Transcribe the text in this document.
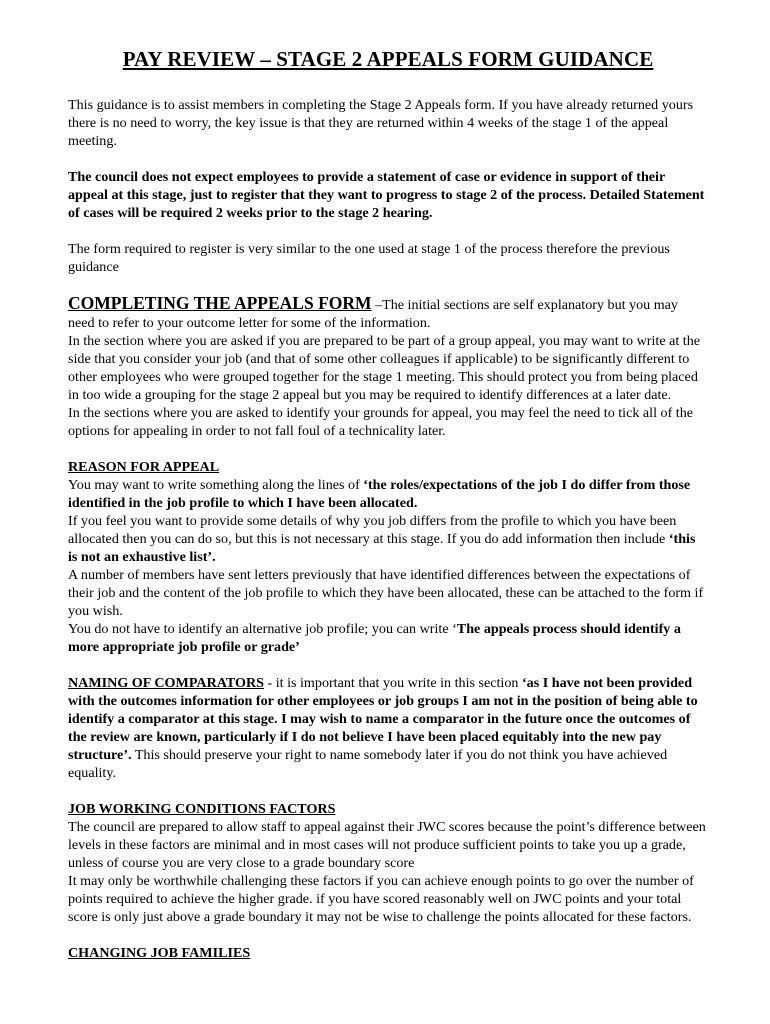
PAY REVIEW – STAGE 2 APPEALS FORM GUIDANCE

This guidance is to assist members in completing the Stage 2 Appeals form. If you have already returned yours there is no need to worry, the key issue is that they are returned within 4 weeks of the stage 1 of the appeal meeting.

The council does not expect employees to provide a statement of case or evidence in support of their appeal at this stage, just to register that they want to progress to stage 2 of the process. Detailed Statement of cases will be required 2 weeks prior to the stage 2 hearing.

The form required to register is very similar to the one used at stage 1 of the process therefore the previous guidance

COMPLETING THE APPEALS FORM –The initial sections are self explanatory but you may need to refer to your outcome letter for some of the information.

In the section where you are asked if you are prepared to be part of a group appeal, you may want to write at the side that you consider your job (and that of some other colleagues if applicable) to be significantly different to other employees who were grouped together for the stage 1 meeting. This should protect you from being placed in too wide a grouping for the stage 2 appeal but you may be required to identify differences at a later date.

In the sections where you are asked to identify your grounds for appeal, you may feel the need to tick all of the options for appealing in order to not fall foul of a technicality later.

REASON FOR APPEAL

You may want to write something along the lines of ‘the roles/expectations of the job I do differ from those identified in the job profile to which I have been allocated.

If you feel you want to provide some details of why you job differs from the profile to which you have been allocated then you can do so, but this is not necessary at this stage. If you do add information then include ‘this is not an exhaustive list’.

A number of members have sent letters previously that have identified differences between the expectations of their job and the content of the job profile to which they have been allocated, these can be attached to the form if you wish.

You do not have to identify an alternative job profile; you can write ‘The appeals process should identify a more appropriate job profile or grade’

NAMING OF COMPARATORS - it is important that you write in this section ‘as I have not been provided with the outcomes information for other employees or job groups I am not in the position of being able to identify a comparator at this stage. I may wish to name a comparator in the future once the outcomes of the review are known, particularly if I do not believe I have been placed equitably into the new pay structure’. This should preserve your right to name somebody later if you do not think you have achieved equality.

JOB WORKING CONDITIONS FACTORS

The council are prepared to allow staff to appeal against their JWC scores because the point’s difference between levels in these factors are minimal and in most cases will not produce sufficient points to take you up a grade, unless of course you are very close to a grade boundary score

It may only be worthwhile challenging these factors if you can achieve enough points to go over the number of points required to achieve the higher grade. if you have scored reasonably well on JWC points and your total score is only just above a grade boundary it may not be wise to challenge the points allocated for these factors.

CHANGING JOB FAMILIES
